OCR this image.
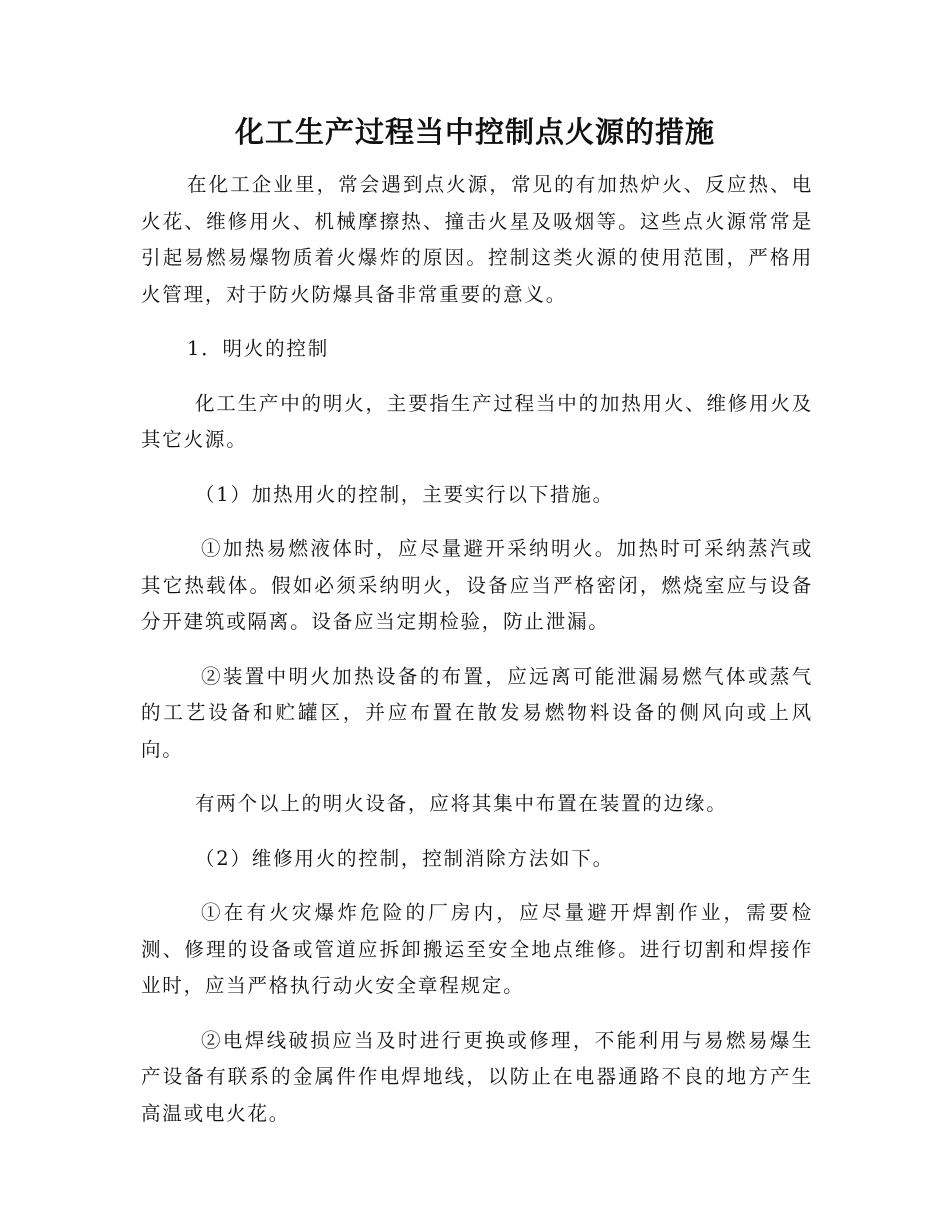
化工生产过程当中控制点火源的措施

在化工企业里，常会遇到点火源，常见的有加热炉火、反应热、电火花、维修用火、机械摩擦热、撞击火星及吸烟等。这些点火源常常是引起易燃易爆物质着火爆炸的原因。控制这类火源的使用范围，严格用火管理，对于防火防爆具备非常重要的意义。

1．明火的控制

化工生产中的明火，主要指生产过程当中的加热用火、维修用火及其它火源。

（1）加热用火的控制，主要实行以下措施。

①加热易燃液体时，应尽量避开采纳明火。加热时可采纳蒸汽或其它热载体。假如必须采纳明火，设备应当严格密闭，燃烧室应与设备分开建筑或隔离。设备应当定期检验，防止泄漏。

②装置中明火加热设备的布置，应远离可能泄漏易燃气体或蒸气的工艺设备和贮罐区，并应布置在散发易燃物料设备的侧风向或上风向。

有两个以上的明火设备，应将其集中布置在装置的边缘。

（2）维修用火的控制，控制消除方法如下。

①在有火灾爆炸危险的厂房内，应尽量避开焊割作业，需要检测、修理的设备或管道应拆卸搬运至安全地点维修。进行切割和焊接作业时，应当严格执行动火安全章程规定。

②电焊线破损应当及时进行更换或修理，不能利用与易燃易爆生产设备有联系的金属件作电焊地线，以防止在电器通路不良的地方产生高温或电火花。
